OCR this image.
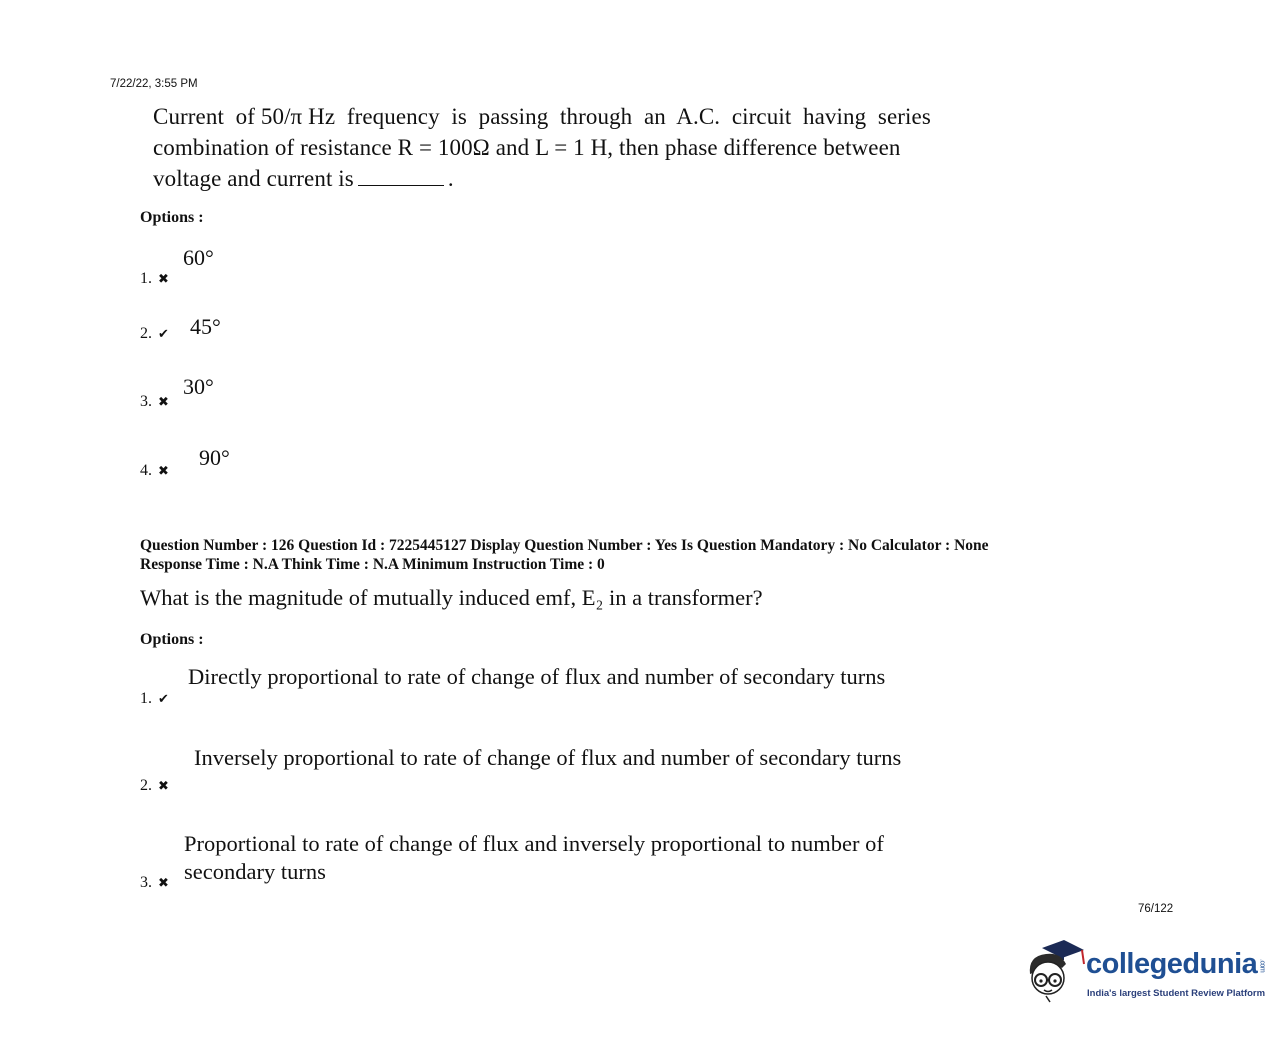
7/22/22, 3:55 PM
Current  of 50/π Hz  frequency  is  passing  through  an  A.C.  circuit  having  series
combination of resistance R = 100Ω and L = 1 H, then phase difference between
voltage and current is	.
Options :
60°
1. ✖
2. ✔ 45°
30°
3. ✖
90°
4. ✖
Question Number : 126 Question Id : 7225445127 Display Question Number : Yes Is Question Mandatory : No Calculator : None
Response Time : N.A Think Time : N.A Minimum Instruction Time : 0
What is the magnitude of mutually induced emf, E₂ in a transformer?
Options :
Directly proportional to rate of change of flux and number of secondary turns
1. ✔
Inversely proportional to rate of change of flux and number of secondary turns
2. ✖
Proportional to rate of change of flux and inversely proportional to number of
secondary turns
3. ✖
76/122
collegedunia.com
India's largest Student Review Platform
